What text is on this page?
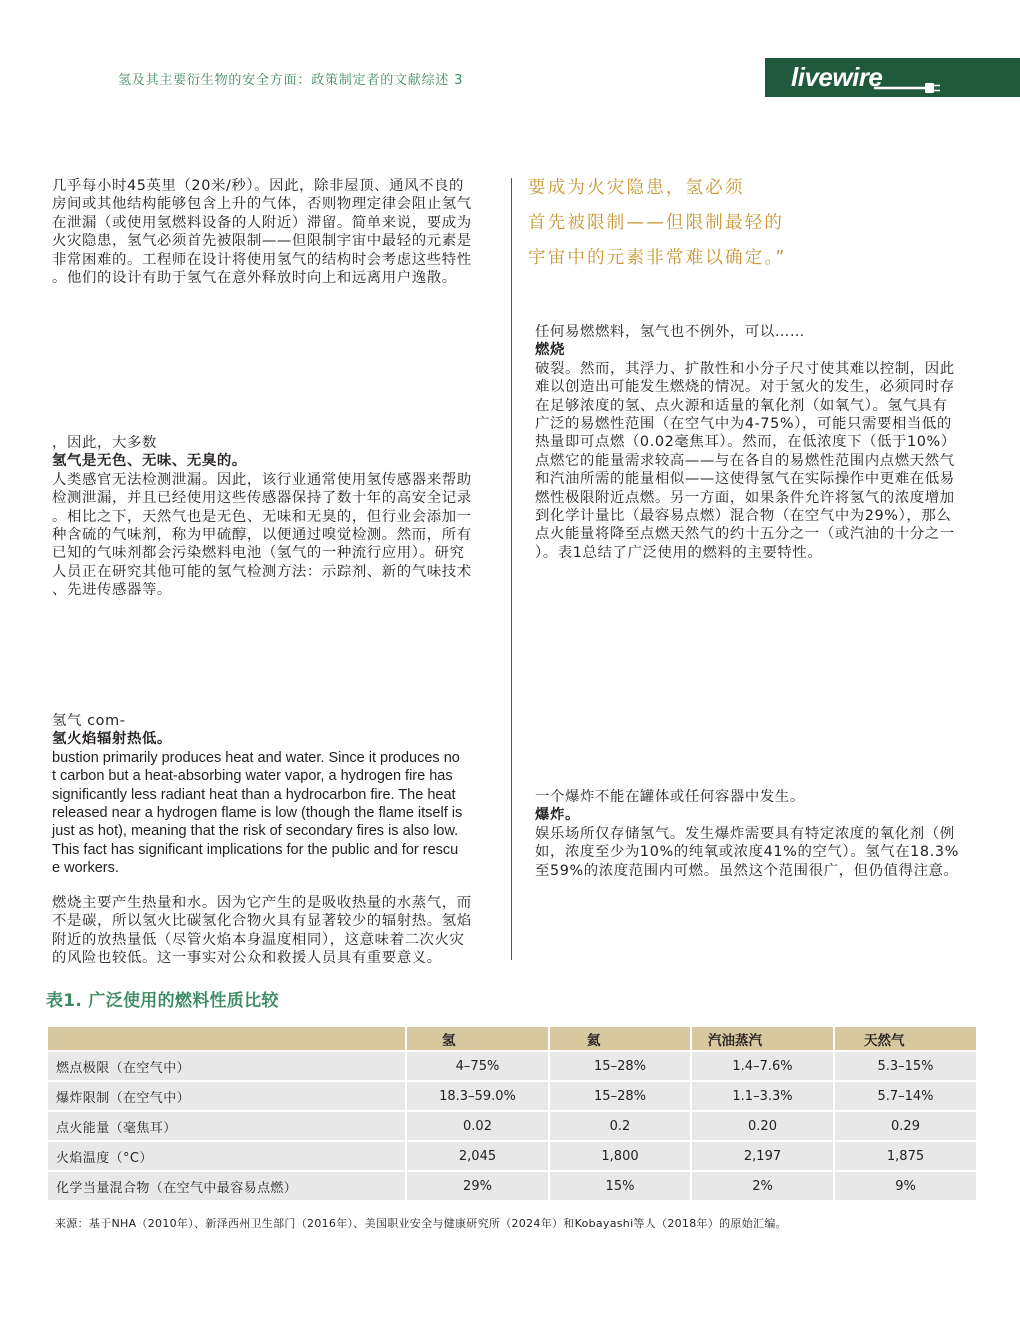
氢及其主要衍生物的安全方面：政策制定者的文献综述 3	livewire
几乎每小时45英里（20米/秒）。因此，除非屋顶、通风不良的
房间或其他结构能够包含上升的气体，否则物理定律会阻止氢气
在泄漏（或使用氢燃料设备的人附近）滞留。简单来说，要成为
火灾隐患，氢气必须首先被限制——但限制宇宙中最轻的元素是
非常困难的。工程师在设计将使用氢气的结构时会考虑这些特性
。他们的设计有助于氢气在意外释放时向上和远离用户逸散。
，因此，大多数
氢气是无色、无味、无臭的。
人类感官无法检测泄漏。因此，该行业通常使用氢传感器来帮助
检测泄漏，并且已经使用这些传感器保持了数十年的高安全记录
。相比之下，天然气也是无色、无味和无臭的，但行业会添加一
种含硫的气味剂，称为甲硫醇，以便通过嗅觉检测。然而，所有
已知的气味剂都会污染燃料电池（氢气的一种流行应用）。研究
人员正在研究其他可能的氢气检测方法：示踪剂、新的气味技术
、先进传感器等。
氢气 com-
氢火焰辐射热低。
bustion primarily produces heat and water. Since it produces no
t carbon but a heat-absorbing water vapor, a hydrogen fire has
significantly less radiant heat than a hydrocarbon fire. The heat
released near a hydrogen flame is low (though the flame itself is
just as hot), meaning that the risk of secondary fires is also low.
This fact has significant implications for the public and for rescu
e workers.
燃烧主要产生热量和水。因为它产生的是吸收热量的水蒸气，而
不是碳，所以氢火比碳氢化合物火具有显著较少的辐射热。氢焰
附近的放热量低（尽管火焰本身温度相同），这意味着二次火灾
的风险也较低。这一事实对公众和救援人员具有重要意义。
要成为火灾隐患，氢必须
首先被限制——但限制最轻的
宇宙中的元素非常难以确定。”
任何易燃燃料，氢气也不例外，可以……
燃烧
破裂。然而，其浮力、扩散性和小分子尺寸使其难以控制，因此
难以创造出可能发生燃烧的情况。对于氢火的发生，必须同时存
在足够浓度的氢、点火源和适量的氧化剂（如氧气）。氢气具有
广泛的易燃性范围（在空气中为4-75%），可能只需要相当低的
热量即可点燃（0.02毫焦耳）。然而，在低浓度下（低于10%）
点燃它的能量需求较高——与在各自的易燃性范围内点燃天然气
和汽油所需的能量相似——这使得氢气在实际操作中更难在低易
燃性极限附近点燃。另一方面，如果条件允许将氢气的浓度增加
到化学计量比（最容易点燃）混合物（在空气中为29%），那么
点火能量将降至点燃天然气的约十五分之一（或汽油的十分之一
）。表1总结了广泛使用的燃料的主要特性。
一个爆炸不能在罐体或任何容器中发生。
爆炸。
娱乐场所仅存储氢气。发生爆炸需要具有特定浓度的氧化剂（例
如，浓度至少为10%的纯氧或浓度41%的空气）。氢气在18.3%
至59%的浓度范围内可燃。虽然这个范围很广，但仍值得注意。
表1. 广泛使用的燃料性质比较
	氢	氦	汽油蒸汽	天然气
燃点极限（在空气中）	4–75%	15–28%	1.4–7.6%	5.3–15%
爆炸限制（在空气中）	18.3–59.0%	15–28%	1.1–3.3%	5.7–14%
点火能量（毫焦耳）	0.02	0.2	0.20	0.29
火焰温度（°C）	2,045	1,800	2,197	1,875
化学当量混合物（在空气中最容易点燃）	29%	15%	2%	9%
来源：基于NHA（2010年）、新泽西州卫生部门（2016年）、美国职业安全与健康研究所（2024年）和Kobayashi等人（2018年）的原始汇编。
